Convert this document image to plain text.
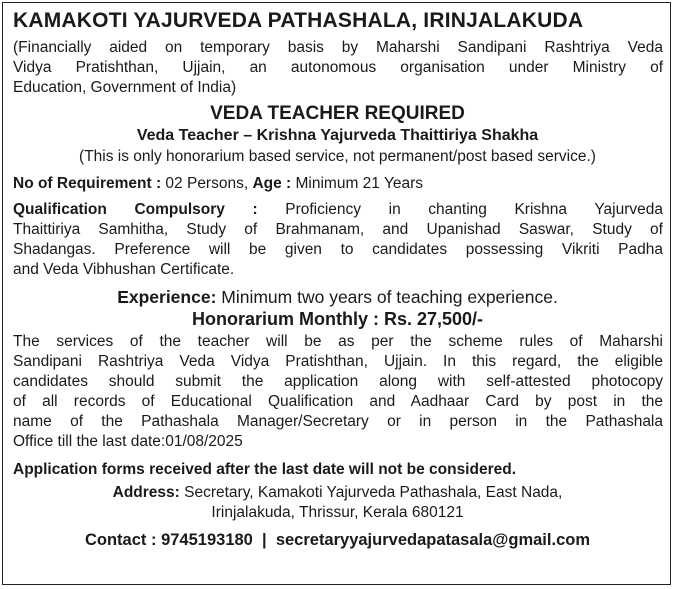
KAMAKOTI YAJURVEDA PATHASHALA, IRINJALAKUDA
(Financially aided on temporary basis by Maharshi Sandipani Rashtriya Veda
Vidya Pratishthan, Ujjain, an autonomous organisation under Ministry of
Education, Government of India)
VEDA TEACHER REQUIRED
Veda Teacher – Krishna Yajurveda Thaittiriya Shakha
(This is only honorarium based service, not permanent/post based service.)
No of Requirement : 02 Persons, Age : Minimum 21 Years
Qualification Compulsory : Proficiency in chanting Krishna Yajurveda
Thaittiriya Samhitha, Study of Brahmanam, and Upanishad Saswar, Study of
Shadangas. Preference will be given to candidates possessing Vikriti Padha
and Veda Vibhushan Certificate.
Experience: Minimum two years of teaching experience.
Honorarium Monthly : Rs. 27,500/-
The services of the teacher will be as per the scheme rules of Maharshi
Sandipani Rashtriya Veda Vidya Pratishthan, Ujjain. In this regard, the eligible
candidates should submit the application along with self-attested photocopy
of all records of Educational Qualification and Aadhaar Card by post in the
name of the Pathashala Manager/Secretary or in person in the Pathashala
Office till the last date:01/08/2025
Application forms received after the last date will not be considered.
Address: Secretary, Kamakoti Yajurveda Pathashala, East Nada,
Irinjalakuda, Thrissur, Kerala 680121
Contact : 9745193180  |  secretaryyajurvedapatasala@gmail.com
